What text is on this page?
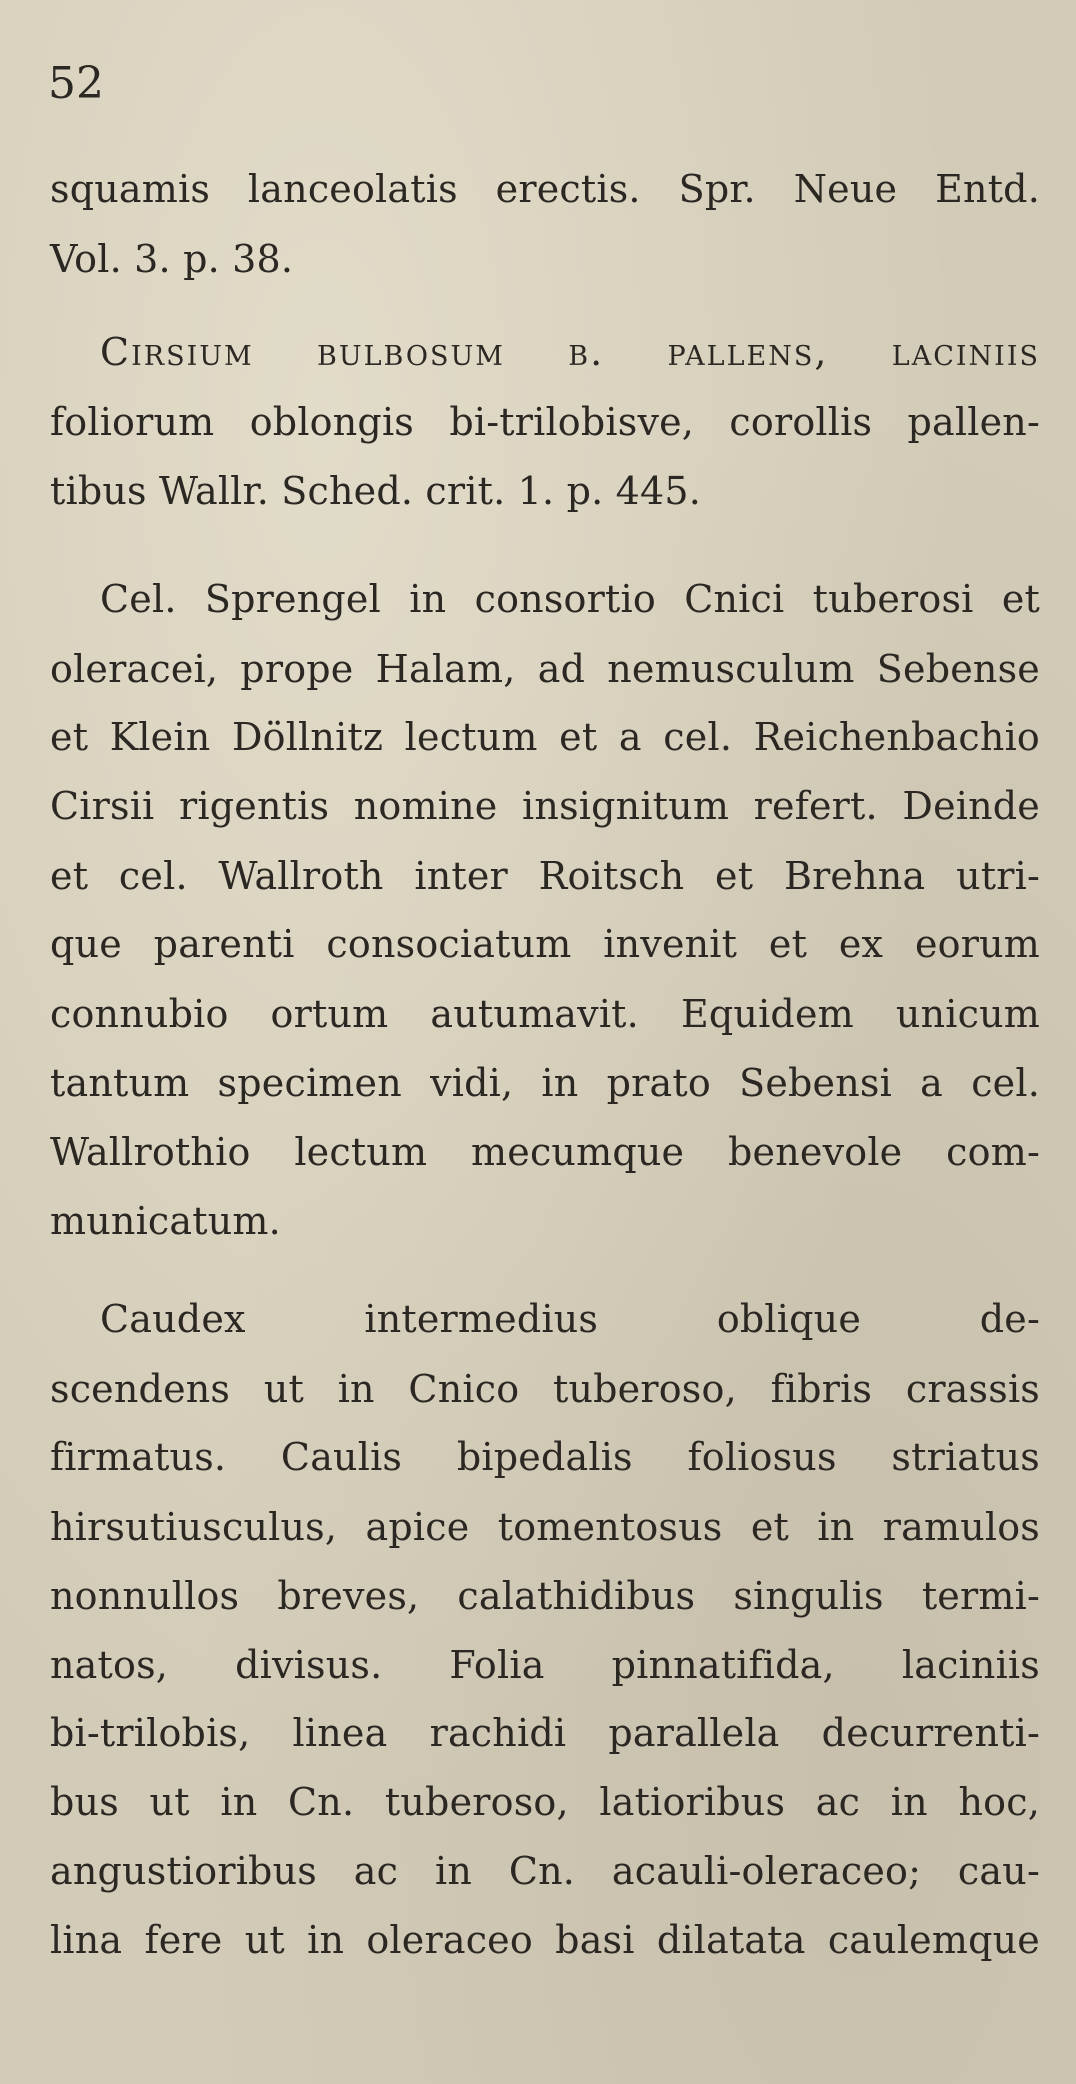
52
squamis lanceolatis erectis. Spr. Neue Entd.
Vol. 3. p. 38.
Cirsium bulbosum β. pallens, laciniis
foliorum oblongis bi-trilobisve, corollis pallen-
tibus Wallr. Sched. crit. 1. p. 445.
Cel. Sprengel in consortio Cnici tuberosi et
oleracei, prope Halam, ad nemusculum Sebense
et Klein Döllnitz lectum et a cel. Reichenbachio
Cirsii rigentis nomine insignitum refert. Deinde
et cel. Wallroth inter Roitsch et Brehna utri-
que parenti consociatum invenit et ex eorum
connubio ortum autumavit. Equidem unicum
tantum specimen vidi, in prato Sebensi a cel.
Wallrothio lectum mecumque benevole com-
municatum.
Caudex intermedius oblique de-
scendens ut in Cnico tuberoso, fibris crassis
firmatus. Caulis bipedalis foliosus striatus
hirsutiusculus, apice tomentosus et in ramulos
nonnullos breves, calathidibus singulis termi-
natos, divisus. Folia pinnatifida, laciniis
bi-trilobis, linea rachidi parallela decurrenti-
bus ut in Cn. tuberoso, latioribus ac in hoc,
angustioribus ac in Cn. acauli-oleraceo; cau-
lina fere ut in oleraceo basi dilatata caulemque
